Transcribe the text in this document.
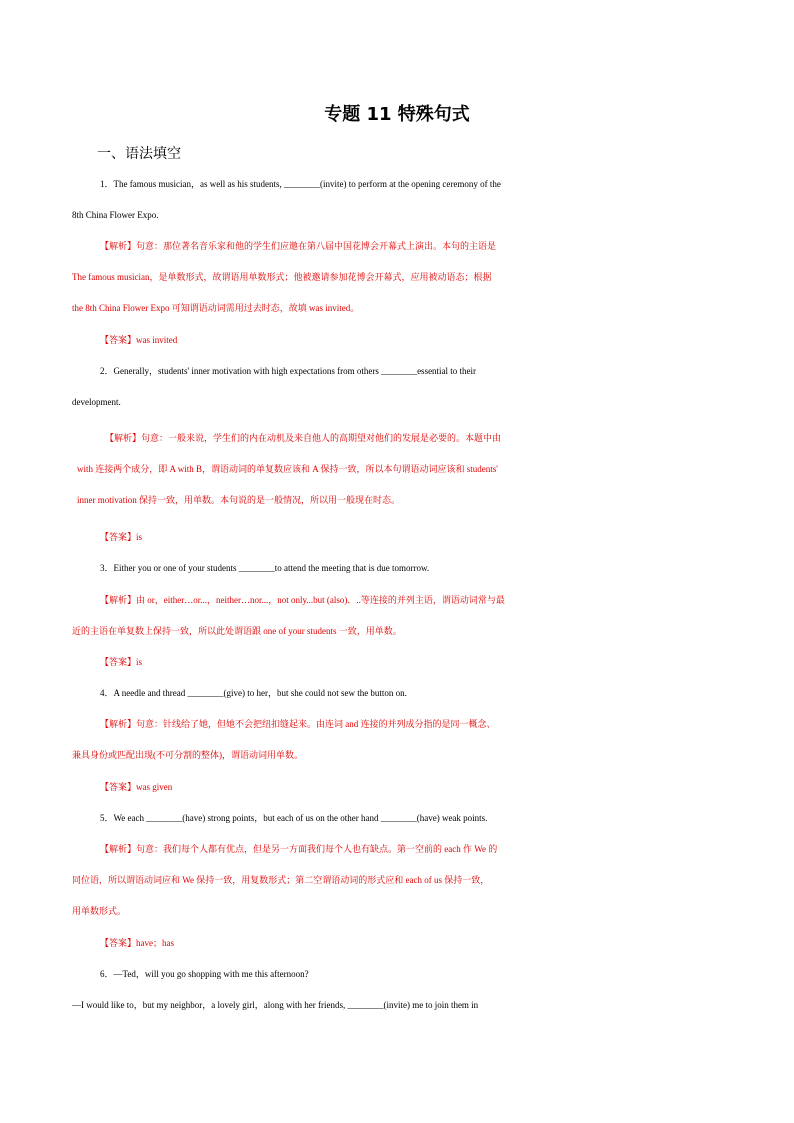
专题 11 特殊句式
一、语法填空
1．The famous musician，as well as his students, ________(invite) to perform at the opening ceremony of the
8th China Flower Expo.
【解析】句意：那位著名音乐家和他的学生们应邀在第八届中国花博会开幕式上演出。本句的主语是
The famous musician，是单数形式，故谓语用单数形式；他被邀请参加花博会开幕式，应用被动语态；根据
the 8th China Flower Expo 可知谓语动词需用过去时态，故填 was invited。
【答案】was invited
2．Generally，students' inner motivation with high expectations from others ________essential to their
development.
【解析】句意：一般来说，学生们的内在动机及来自他人的高期望对他们的发展是必要的。本题中由
with 连接两个成分，即 A with B，谓语动词的单复数应该和 A 保持一致，所以本句谓语动词应该和 students'
inner motivation 保持一致，用单数。本句说的是一般情况，所以用一般现在时态。
【答案】is
3．Either you or one of your students ________to attend the meeting that is due tomorrow.
【解析】由 or，either…or...，neither…nor...，not only...but (also)．..等连接的并列主语，谓语动词常与最
近的主语在单复数上保持一致，所以此处谓语跟 one of your students 一致，用单数。
【答案】is
4．A needle and thread ________(give) to her，but she could not sew the button on.
【解析】句意：针线给了她，但她不会把纽扣缝起来。由连词 and 连接的并列成分指的是同一概念、
兼具身份或匹配出现(不可分割的整体)，谓语动词用单数。
【答案】was given
5．We each ________(have) strong points，but each of us on the other hand ________(have) weak points.
【解析】句意：我们每个人都有优点，但是另一方面我们每个人也有缺点。第一空前的 each 作 We 的
同位语，所以谓语动词应和 We 保持一致，用复数形式；第二空谓语动词的形式应和 each of us 保持一致，
用单数形式。
【答案】have；has
6．—Ted，will you go shopping with me this afternoon?
—I would like to，but my neighbor，a lovely girl，along with her friends, ________(invite) me to join them in
